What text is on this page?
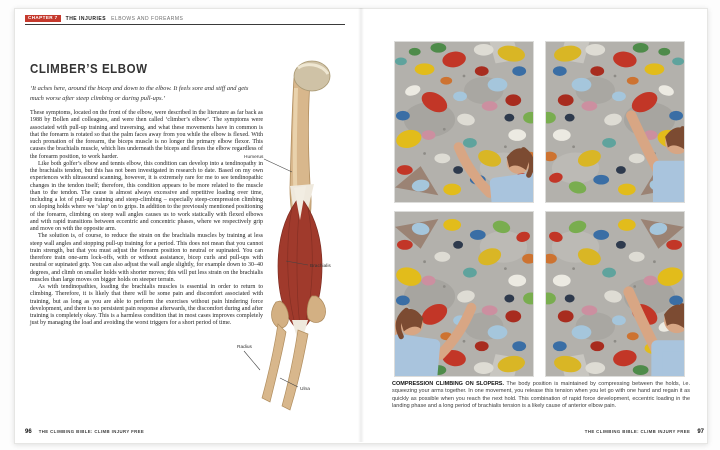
CHAPTER 7	THE INJURIES ELBOWS AND FOREARMS
CLIMBER’S ELBOW
‘It aches here, around the bicep and down to the elbow. It feels sore and stiff and gets much worse after steep climbing or during pull-ups.’

These symptoms, located on the front of the elbow, were described in the literature as far back as 1988 by Bollen and colleagues, and were then called ‘climber’s elbow’. The symptoms were associated with pull-up training and traversing, and what these movements have in common is that the forearm is rotated so that the palm faces away from you while the elbow is flexed. With such pronation of the forearm, the biceps muscle is no longer the primary elbow flexor. This causes the brachialis muscle, which lies underneath the biceps and flexes the elbow regardless of the forearm position, to work harder.

Like both golfer’s elbow and tennis elbow, this condition can develop into a tendinopathy in the brachialis tendon, but this has not been investigated in research to date. Based on my own experiences with ultrasound scanning, however, it is extremely rare for me to see tendinopathic changes in the tendon itself; therefore, this condition appears to be more related to the muscle than to the tendon. The cause is almost always excessive and repetitive loading over time, including a lot of pull-up training and steep-climbing – especially steep-compression climbing on sloping holds where we ‘slap’ on to grips. In addition to the previously mentioned positioning of the forearm, climbing on steep wall angles causes us to work statically with flexed elbows and with rapid transitions between eccentric and concentric phases, where we respectively grip and move on with the opposite arm.

The solution is, of course, to reduce the strain on the brachialis muscles by training at less steep wall angles and stopping pull-up training for a period. This does not mean that you cannot train strength, but that you must adjust the forearm position to neutral or supinated. You can therefore train one-arm lock-offs, with or without assistance, bicep curls and pull-ups with neutral or supinated grip. You can also adjust the wall angle slightly, for example down to 30–40 degrees, and climb on smaller holds with shorter moves; this will put less strain on the brachialis muscles than large moves on bigger holds on steeper terrain.

As with tendinopathies, loading the brachialis muscles is essential in order to return to climbing. Therefore, it is likely that there will be some pain and discomfort associated with training, but as long as you are able to perform the exercises without pain hindering force development, and there is no persistent pain response afterwards, the discomfort during and after training is completely okay. This is a harmless condition that in most cases improves completely just by managing the load and avoiding the worst triggers for a short period of time.

Humerus
Brachialis
Radius
Ulna
COMPRESSION CLIMBING ON SLOPERS. The body position is maintained by compressing between the holds, i.e. squeezing your arms together. In one movement, you release this tension when you let go with one hand and regain it as quickly as possible when you reach the next hold. This combination of rapid force development, eccentric loading in the landing phase and a long period of brachialis tension is a likely cause of anterior elbow pain.
96 THE CLIMBING BIBLE: CLIMB INJURY FREE	THE CLIMBING BIBLE: CLIMB INJURY FREE 97
